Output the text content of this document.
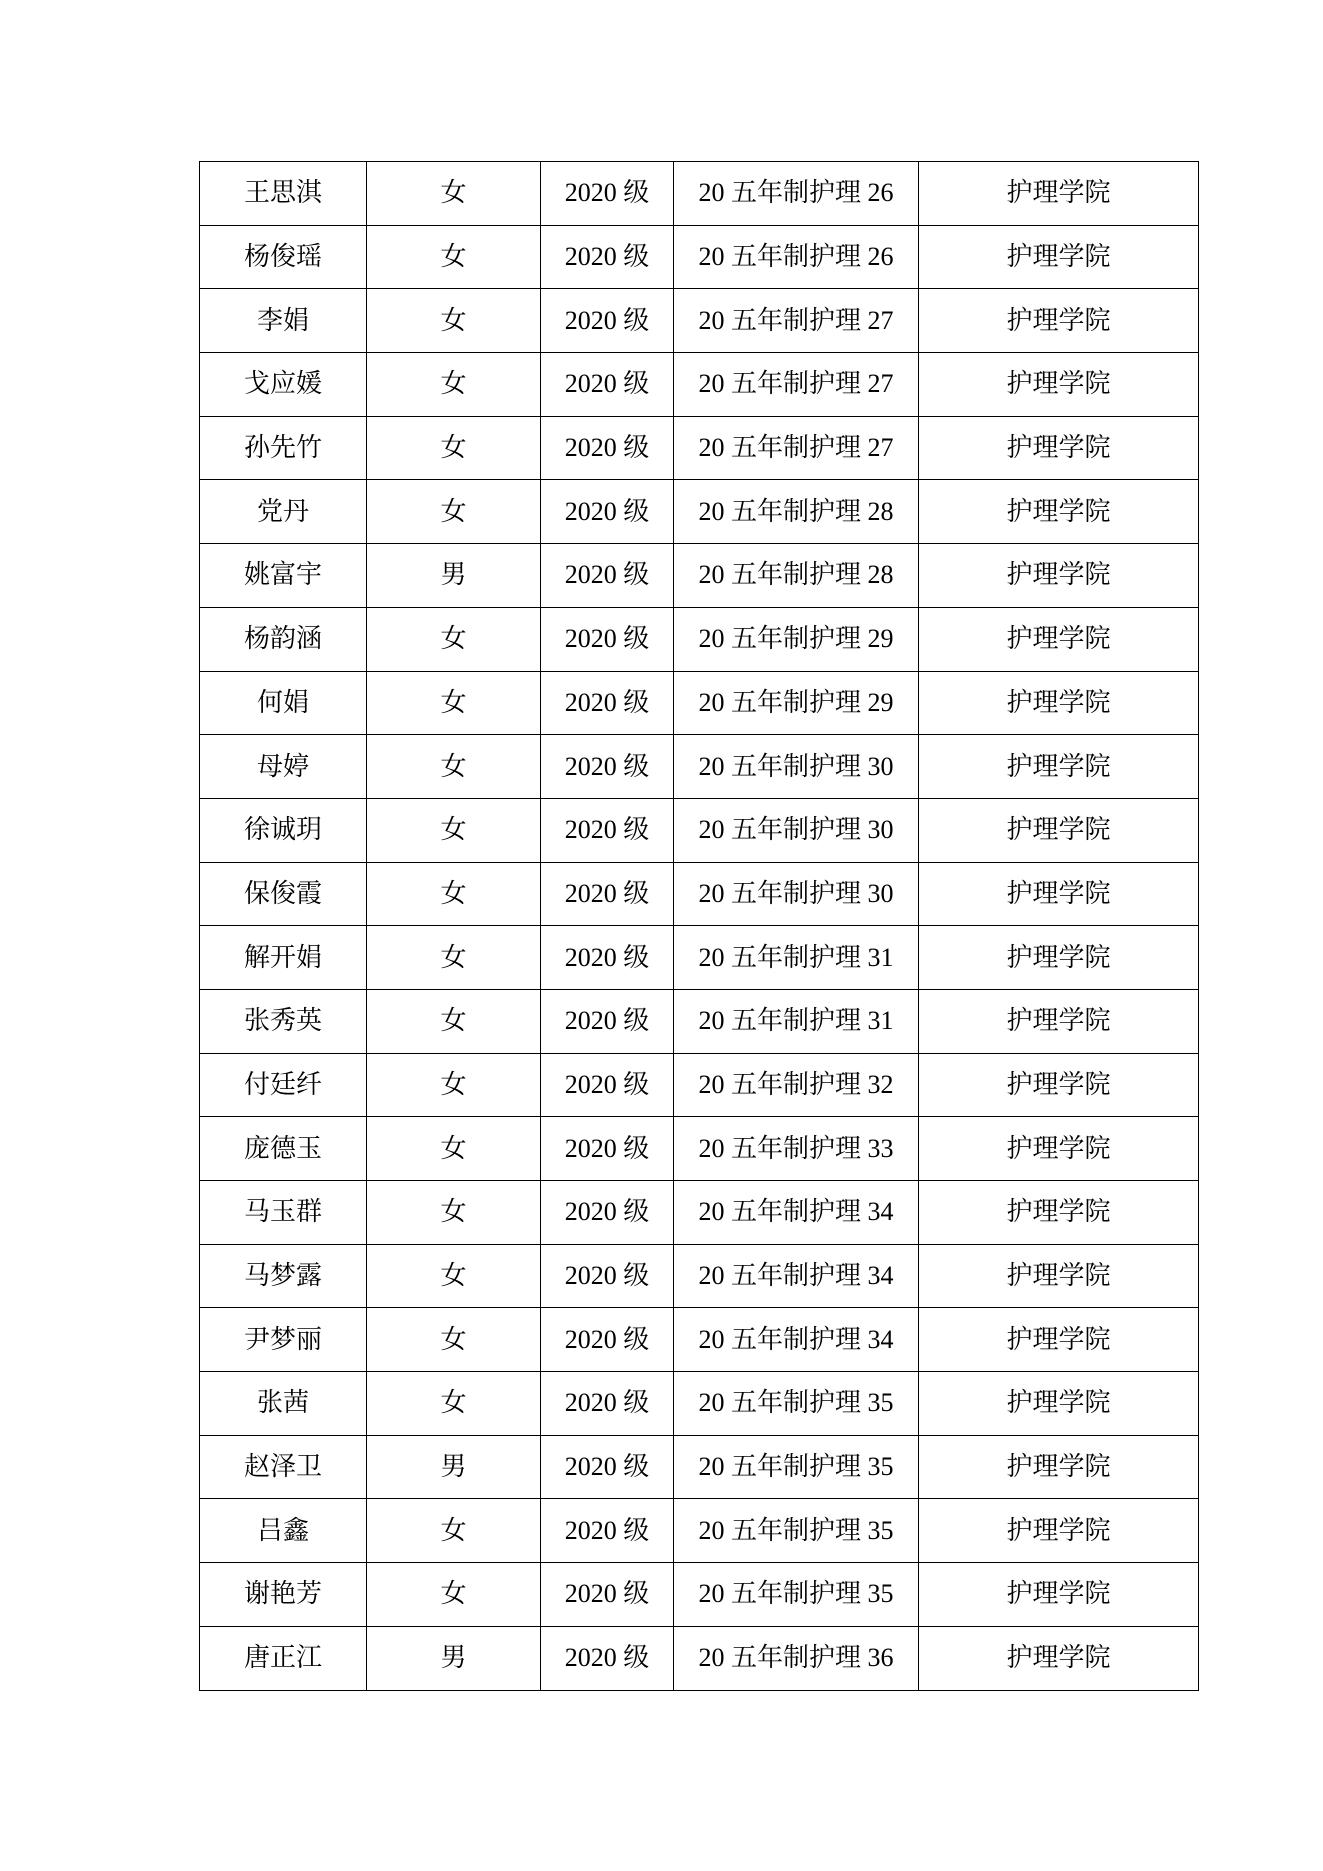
王思淇	女	2020 级	20 五年制护理 26	护理学院
杨俊瑶	女	2020 级	20 五年制护理 26	护理学院
李娟	女	2020 级	20 五年制护理 27	护理学院
戈应媛	女	2020 级	20 五年制护理 27	护理学院
孙先竹	女	2020 级	20 五年制护理 27	护理学院
党丹	女	2020 级	20 五年制护理 28	护理学院
姚富宇	男	2020 级	20 五年制护理 28	护理学院
杨韵涵	女	2020 级	20 五年制护理 29	护理学院
何娟	女	2020 级	20 五年制护理 29	护理学院
母婷	女	2020 级	20 五年制护理 30	护理学院
徐诚玥	女	2020 级	20 五年制护理 30	护理学院
保俊霞	女	2020 级	20 五年制护理 30	护理学院
解开娟	女	2020 级	20 五年制护理 31	护理学院
张秀英	女	2020 级	20 五年制护理 31	护理学院
付廷纤	女	2020 级	20 五年制护理 32	护理学院
庞德玉	女	2020 级	20 五年制护理 33	护理学院
马玉群	女	2020 级	20 五年制护理 34	护理学院
马梦露	女	2020 级	20 五年制护理 34	护理学院
尹梦丽	女	2020 级	20 五年制护理 34	护理学院
张茜	女	2020 级	20 五年制护理 35	护理学院
赵泽卫	男	2020 级	20 五年制护理 35	护理学院
吕鑫	女	2020 级	20 五年制护理 35	护理学院
谢艳芳	女	2020 级	20 五年制护理 35	护理学院
唐正江	男	2020 级	20 五年制护理 36	护理学院
